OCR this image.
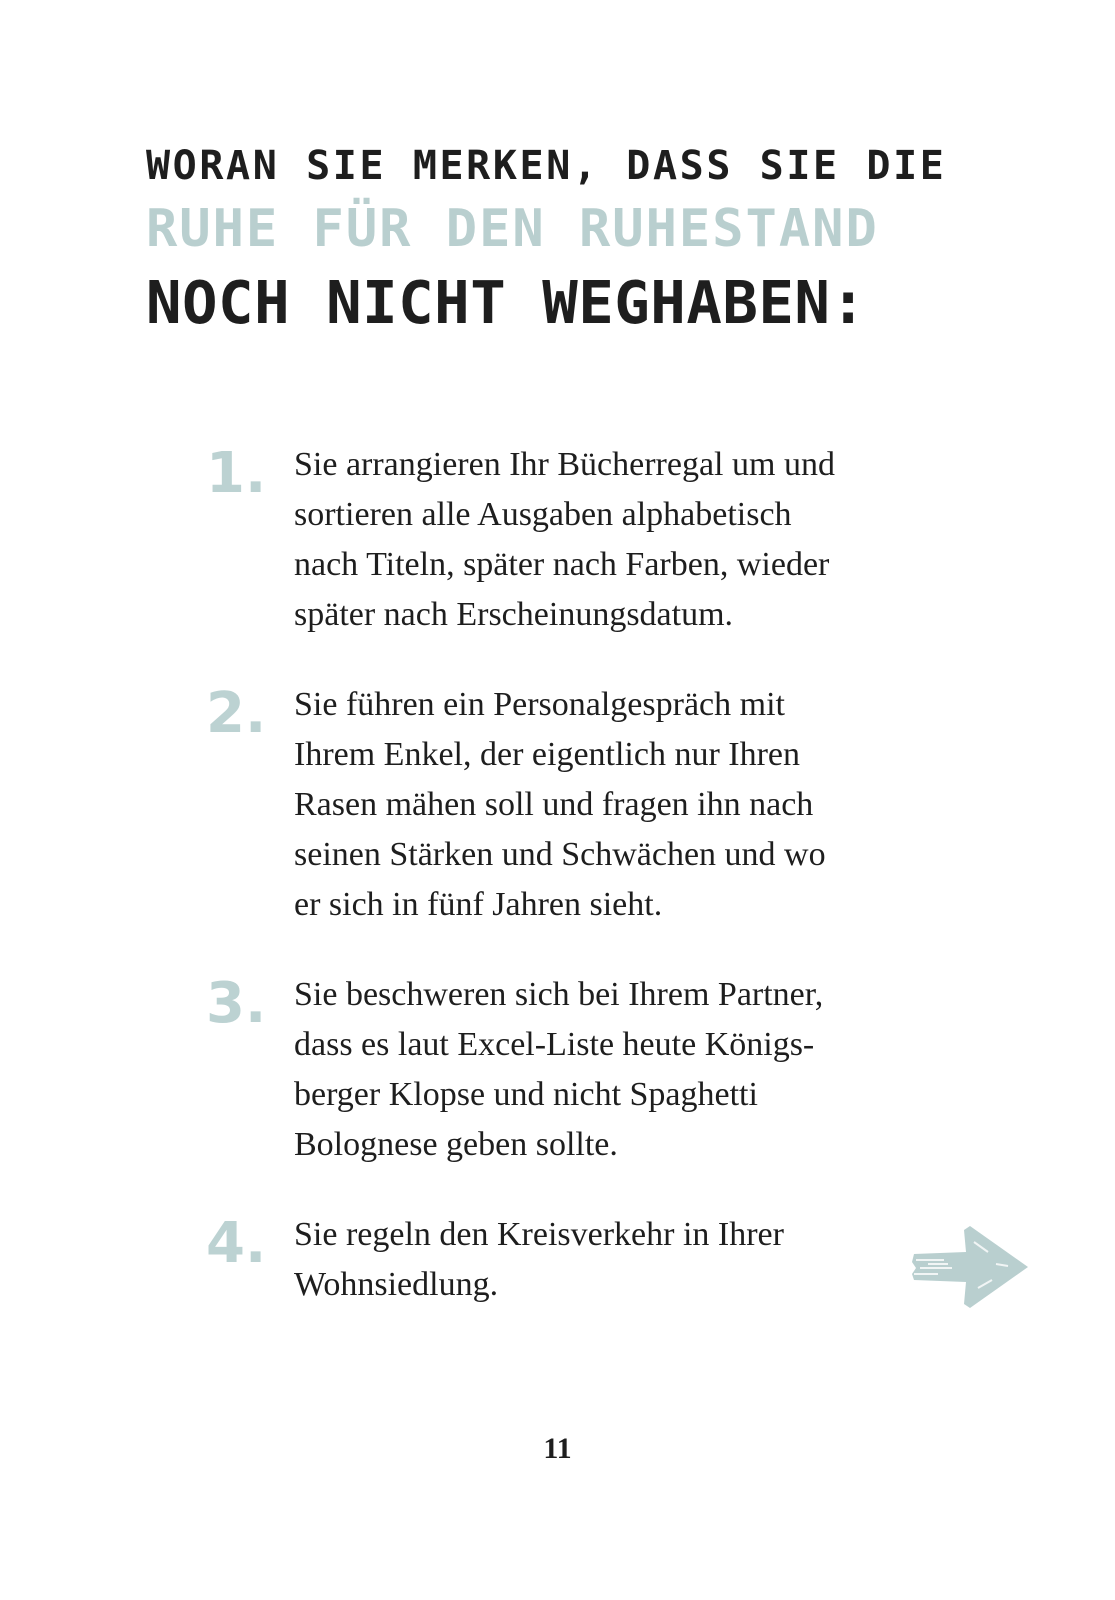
WORAN SIE MERKEN, DASS SIE DIE
RUHE FÜR DEN RUHESTAND
NOCH NICHT WEGHABEN:
1. Sie arrangieren Ihr Bücherregal um und
sortieren alle Ausgaben alphabetisch
nach Titeln, später nach Farben, wieder
später nach Erscheinungsdatum.
2. Sie führen ein Personalgespräch mit
Ihrem Enkel, der eigentlich nur Ihren
Rasen mähen soll und fragen ihn nach
seinen Stärken und Schwächen und wo
er sich in fünf Jahren sieht.
3. Sie beschweren sich bei Ihrem Partner,
dass es laut Excel-Liste heute Königs-
berger Klopse und nicht Spaghetti
Bolognese geben sollte.
4. Sie regeln den Kreisverkehr in Ihrer
Wohnsiedlung.
11
